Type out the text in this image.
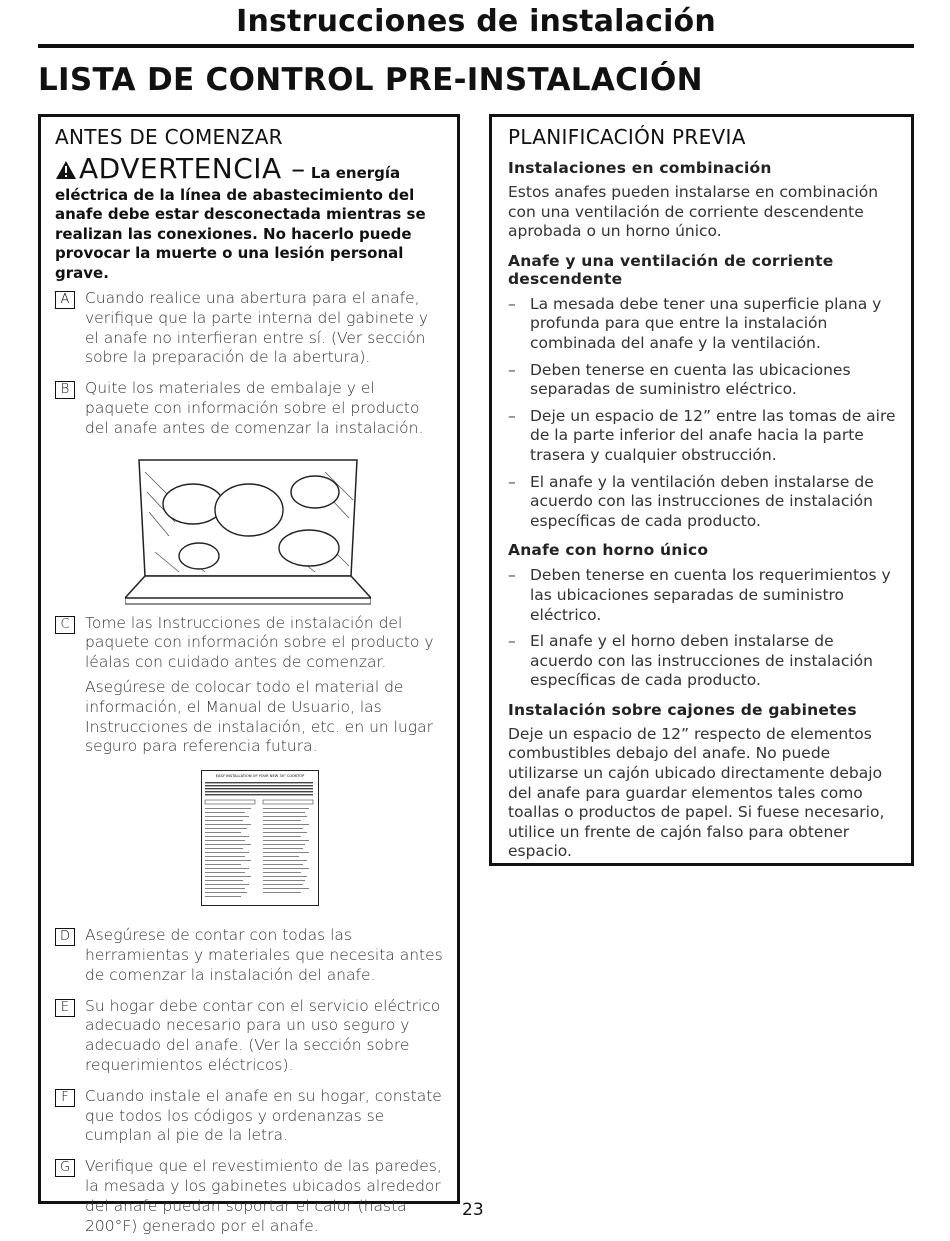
Instrucciones de instalación
LISTA DE CONTROL PRE-INSTALACIÓN
ANTES DE COMENZAR
ADVERTENCIA – La energía eléctrica de la línea de abastecimiento del anafe debe estar desconectada mientras se realizan las conexiones. No hacerlo puede provocar la muerte o una lesión personal grave.
A	Cuando realice una abertura para el anafe, verifique que la parte interna del gabinete y el anafe no interfieran entre sí. (Ver sección sobre la preparación de la abertura).

B	Quite los materiales de embalaje y el paquete con información sobre el producto del anafe antes de comenzar la instalación.

C Tome las Instrucciones de instalación del paquete con información sobre el producto y léalas con cuidado antes de comenzar.

Asegúrese de colocar todo el material de información, el Manual de Usuario, las Instrucciones de instalación, etc. en un lugar seguro para referencia futura.

EASY INSTALLATION OF YOUR NEW 30" COOKTOP
D Asegúrese de contar con todas las herramientas y materiales que necesita antes de comenzar la instalación del anafe.

E	Su hogar debe contar con el servicio eléctrico adecuado necesario para un uso seguro y adecuado del anafe. (Ver la sección sobre requerimientos eléctricos).

F	Cuando instale el anafe en su hogar, constate que todos los códigos y ordenanzas se cumplan al pie de la letra.

G Verifique que el revestimiento de las paredes, la mesada y los gabinetes ubicados alrededor del anafe puedan soportar el calor (hasta 200°F) generado por el anafe.

PLANIFICACIÓN PREVIA
Instalaciones en combinación

Estos anafes pueden instalarse en combinación con una ventilación de corriente descendente aprobada o un horno único.

Anafe y una ventilación de corriente descendente
– La mesada debe tener una superficie plana y profunda para que entre la instalación combinada del anafe y la ventilación.
– Deben tenerse en cuenta las ubicaciones separadas de suministro eléctrico.
– Deje un espacio de 12” entre las tomas de aire de la parte inferior del anafe hacia la parte trasera y cualquier obstrucción.
– El anafe y la ventilación deben instalarse de acuerdo con las instrucciones de instalación específicas de cada producto.
Anafe con horno único
– Deben tenerse en cuenta los requerimientos y las ubicaciones separadas de suministro eléctrico.
– El anafe y el horno deben instalarse de acuerdo con las instrucciones de instalación específicas de cada producto.
Instalación sobre cajones de gabinetes

Deje un espacio de 12” respecto de elementos combustibles debajo del anafe. No puede utilizarse un cajón ubicado directamente debajo del anafe para guardar elementos tales como toallas o productos de papel. Si fuese necesario, utilice un frente de cajón falso para obtener espacio.

23
